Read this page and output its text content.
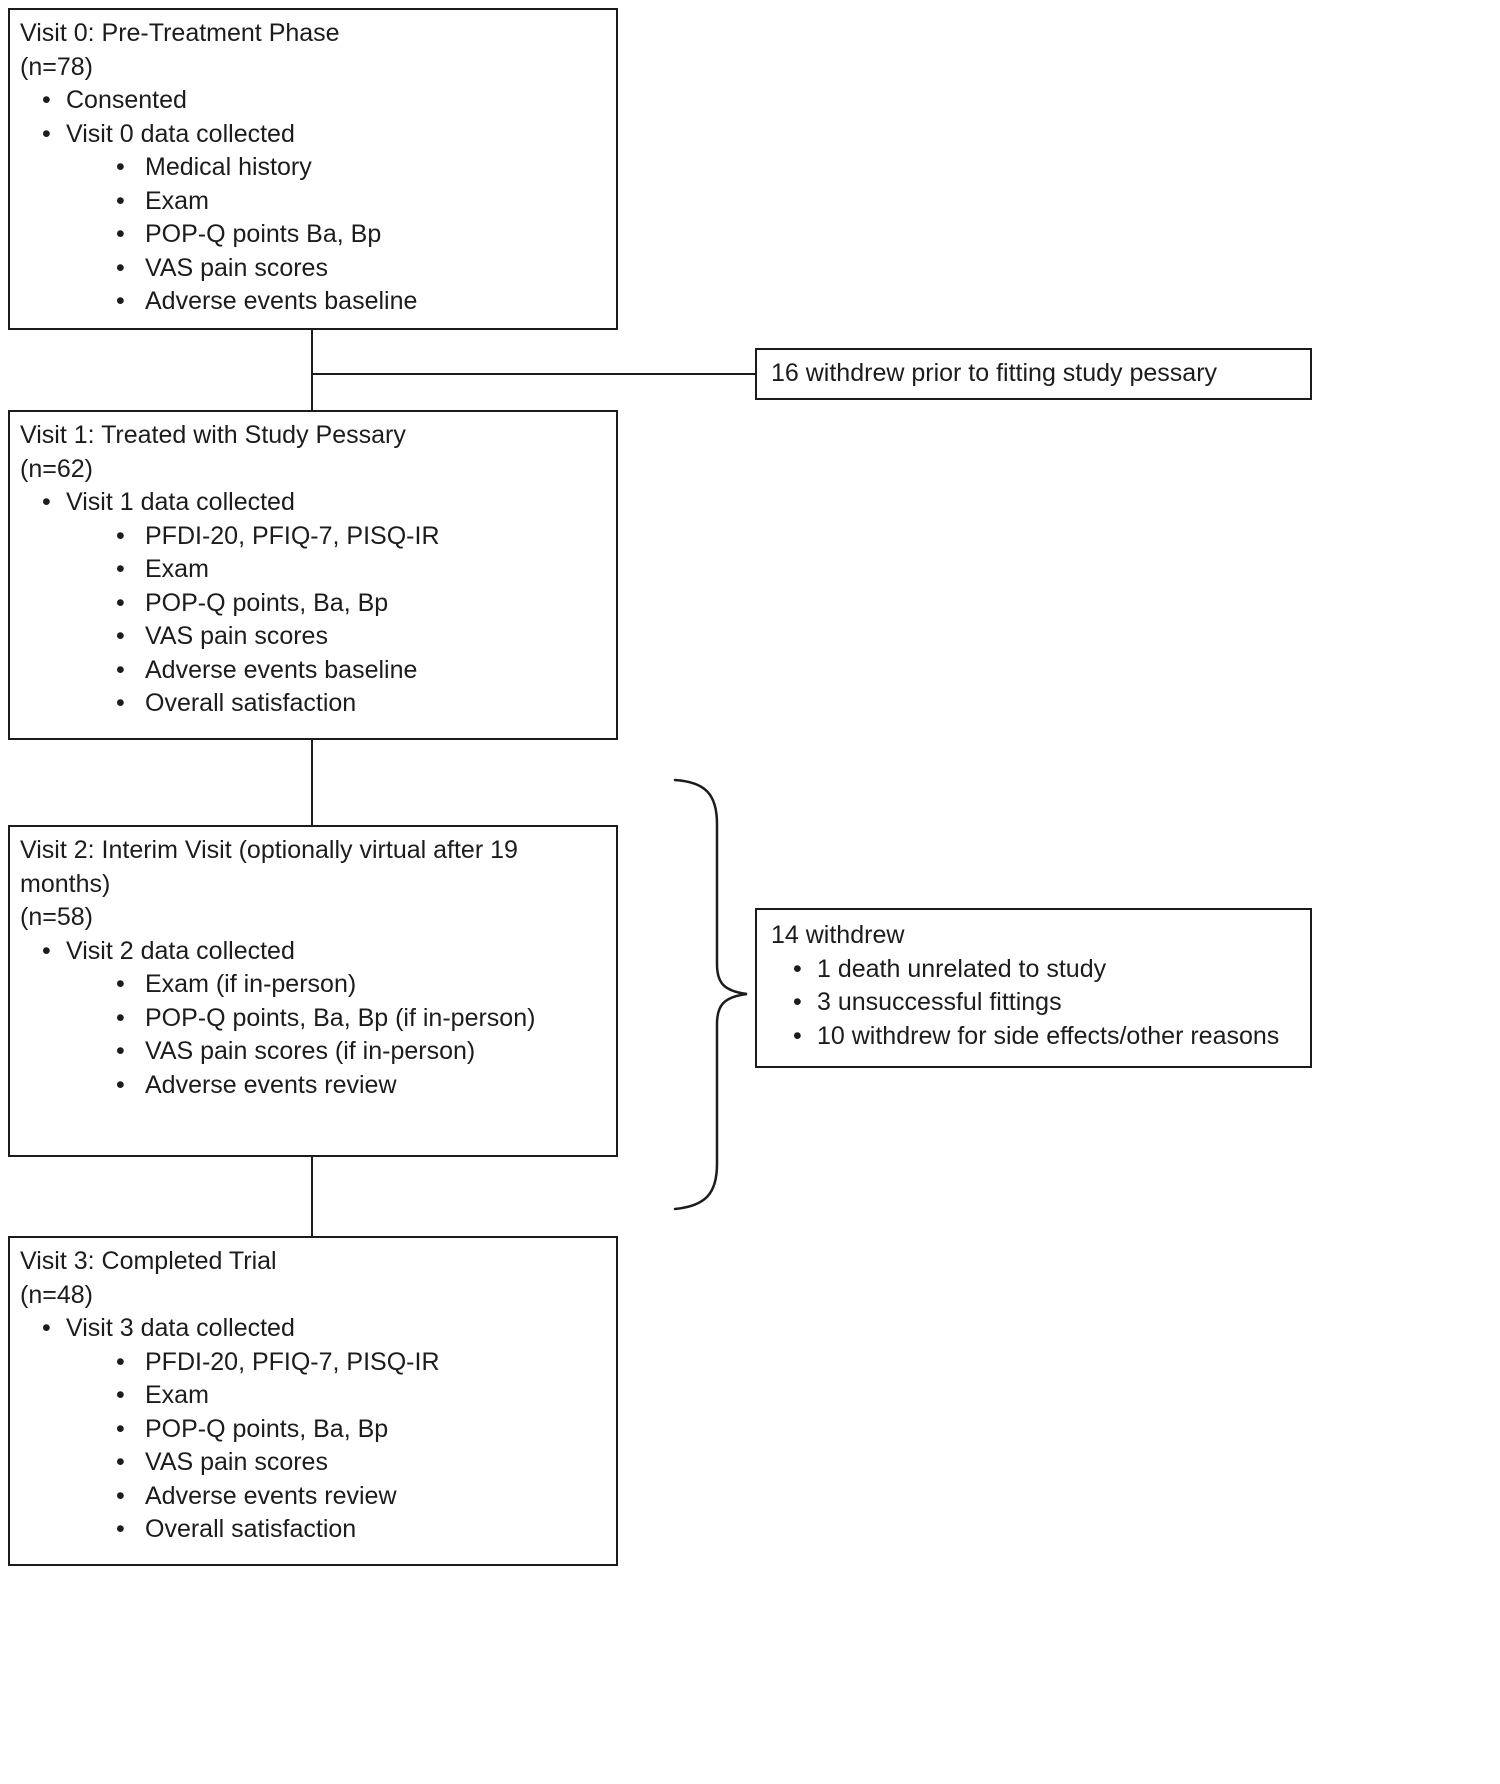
Visit 0: Pre-Treatment Phase
(n=78)
• Consented
• Visit 0 data collected
• Medical history
• Exam
• POP-Q points Ba, Bp
• VAS pain scores
• Adverse events baseline
Visit 1: Treated with Study Pessary
(n=62)
• Visit 1 data collected
• PFDI-20, PFIQ-7, PISQ-IR
• Exam
• POP-Q points, Ba, Bp
• VAS pain scores
• Adverse events baseline
• Overall satisfaction
Visit 2: Interim Visit (optionally virtual after 19
months)
(n=58)
• Visit 2 data collected
• Exam (if in-person)
• POP-Q points, Ba, Bp (if in-person)
• VAS pain scores (if in-person)
• Adverse events review
Visit 3: Completed Trial
(n=48)
• Visit 3 data collected
• PFDI-20, PFIQ-7, PISQ-IR
• Exam
• POP-Q points, Ba, Bp
• VAS pain scores
• Adverse events review
• Overall satisfaction
16 withdrew prior to fitting study pessary
14 withdrew
• 1 death unrelated to study
• 3 unsuccessful fittings
• 10 withdrew for side effects/other reasons
